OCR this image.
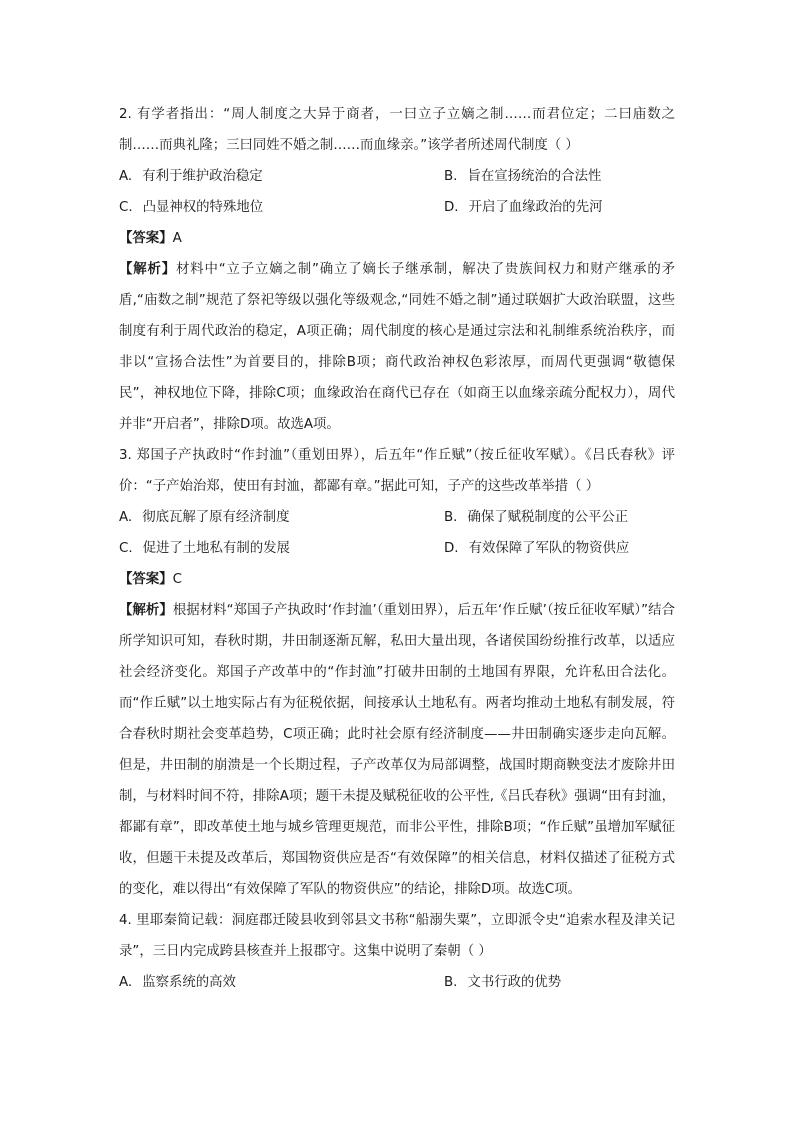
2. 有学者指出：“周人制度之大异于商者，一曰立子立嫡之制……而君位定；二曰庙数之制……而典礼隆；三曰同姓不婚之制……而血缘亲。”该学者所述周代制度（ ）
A. 有利于维护政治稳定	B. 旨在宣扬统治的合法性
C. 凸显神权的特殊地位	D. 开启了血缘政治的先河
【答案】A
【解析】材料中“立子立嫡之制”确立了嫡长子继承制，解决了贵族间权力和财产继承的矛盾,“庙数之制”规范了祭祀等级以强化等级观念,“同姓不婚之制”通过联姻扩大政治联盟，这些制度有利于周代政治的稳定，A项正确；周代制度的核心是通过宗法和礼制维系统治秩序，而非以“宣扬合法性”为首要目的，排除B项；商代政治神权色彩浓厚，而周代更强调“敬德保民”，神权地位下降，排除C项；血缘政治在商代已存在（如商王以血缘亲疏分配权力），周代并非“开启者”，排除D项。故选A项。
3. 郑国子产执政时“作封洫”（重划田界），后五年“作丘赋”（按丘征收军赋）。《吕氏春秋》评价：“子产始治郑，使田有封洫，都鄙有章。”据此可知，子产的这些改革举措（ ）
A. 彻底瓦解了原有经济制度	B. 确保了赋税制度的公平公正
C. 促进了土地私有制的发展	D. 有效保障了军队的物资供应
【答案】C
【解析】根据材料“郑国子产执政时‘作封洫’（重划田界），后五年‘作丘赋’（按丘征收军赋）”结合所学知识可知，春秋时期，井田制逐渐瓦解，私田大量出现，各诸侯国纷纷推行改革，以适应社会经济变化。郑国子产改革中的“作封洫”打破井田制的土地国有界限，允许私田合法化。而“作丘赋”以土地实际占有为征税依据，间接承认土地私有。两者均推动土地私有制发展，符合春秋时期社会变革趋势，C项正确；此时社会原有经济制度——井田制确实逐步走向瓦解。但是，井田制的崩溃是一个长期过程，子产改革仅为局部调整，战国时期商鞅变法才废除井田制，与材料时间不符，排除A项；题干未提及赋税征收的公平性,《吕氏春秋》强调“田有封洫，都鄙有章”，即改革使土地与城乡管理更规范，而非公平性，排除B项；“作丘赋”虽增加军赋征收，但题干未提及改革后，郑国物资供应是否“有效保障”的相关信息，材料仅描述了征税方式的变化，难以得出“有效保障了军队的物资供应”的结论，排除D项。故选C项。
4. 里耶秦简记载：洞庭郡迁陵县收到邻县文书称“船溺失粟”，立即派令史“追索水程及津关记录”，三日内完成跨县核查并上报郡守。这集中说明了秦朝（ ）
A. 监察系统的高效	B. 文书行政的优势
